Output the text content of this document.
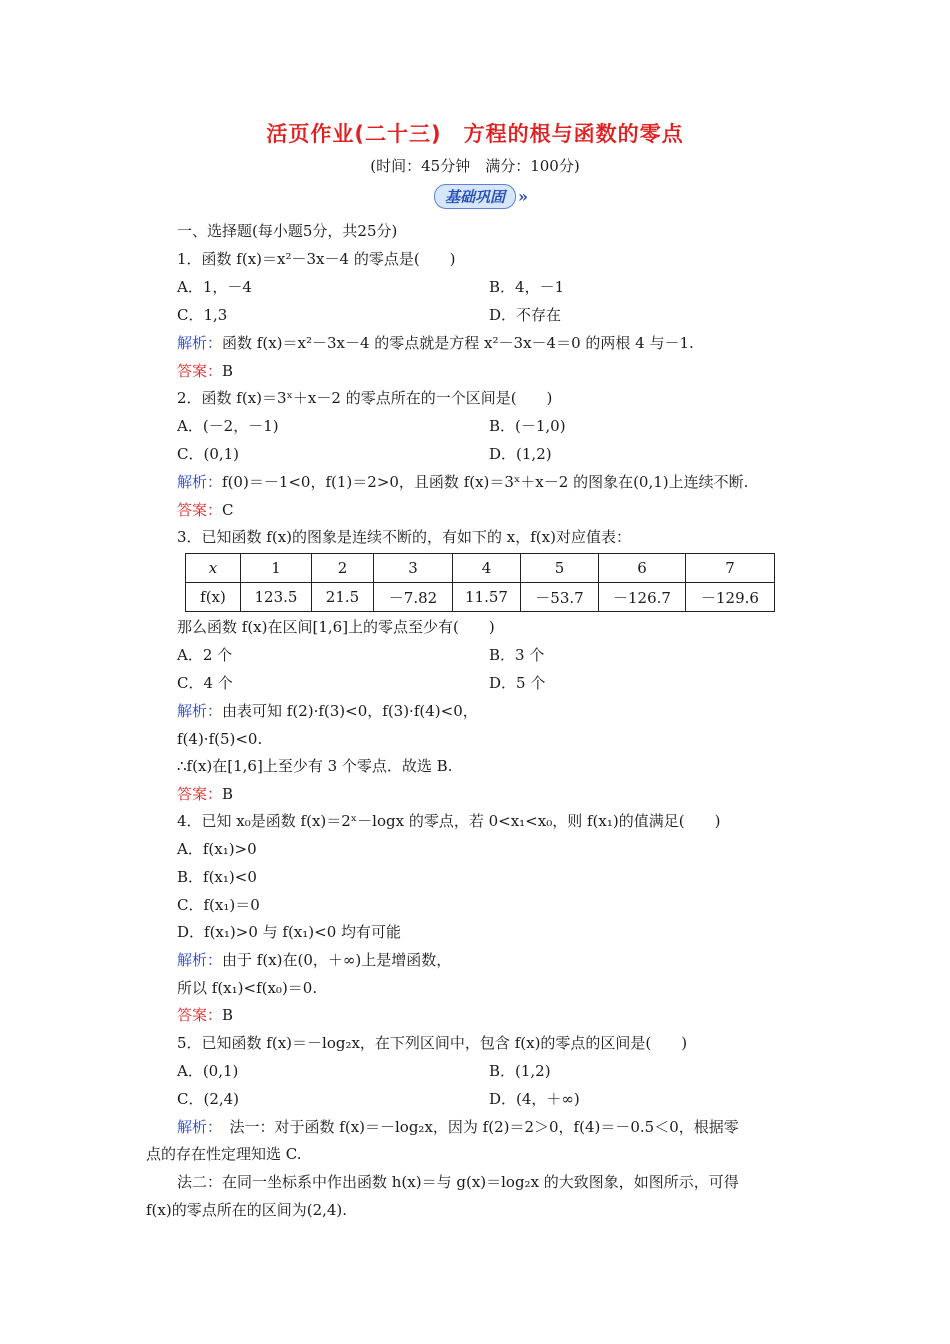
活页作业(二十三)　方程的根与函数的零点
(时间：45分钟　满分：100分)
基础巩固 »
一、选择题(每小题5分，共25分)
1．函数 f(x)＝x²－3x－4 的零点是(　　)
A．1，－4	B．4，－1
C．1,3	D．不存在
解析：函数 f(x)＝x²－3x－4 的零点就是方程 x²－3x－4＝0 的两根 4 与－1.
答案：B
2．函数 f(x)＝3ˣ＋x－2 的零点所在的一个区间是(　　)
A．(－2，－1)	B．(－1,0)
C．(0,1)	D．(1,2)
解析：f(0)＝－1<0，f(1)＝2>0，且函数 f(x)＝3ˣ＋x－2 的图象在(0,1)上连续不断.
答案：C
3．已知函数 f(x)的图象是连续不断的，有如下的 x，f(x)对应值表：
x	1	2	3	4	5	6	7
f(x)	123.5	21.5	－7.82	11.57	－53.7	－126.7	－129.6
那么函数 f(x)在区间[1,6]上的零点至少有(　　)
A．2 个	B．3 个
C．4 个	D．5 个
解析：由表可知 f(2)·f(3)<0，f(3)·f(4)<0，
f(4)·f(5)<0.
∴f(x)在[1,6]上至少有 3 个零点．故选 B.
答案：B
4．已知 x₀是函数 f(x)＝2ˣ－logx 的零点，若 0<x₁<x₀，则 f(x₁)的值满足(　　)
A．f(x₁)>0
B．f(x₁)<0
C．f(x₁)＝0
D．f(x₁)>0 与 f(x₁)<0 均有可能
解析：由于 f(x)在(0，＋∞)上是增函数，
所以 f(x₁)<f(x₀)＝0.
答案：B
5．已知函数 f(x)＝－log₂x，在下列区间中，包含 f(x)的零点的区间是(　　)
A．(0,1)	B．(1,2)
C．(2,4)	D．(4，＋∞)
解析：　法一：对于函数 f(x)＝－log₂x，因为 f(2)＝2＞0，f(4)＝－0.5＜0，根据零
点的存在性定理知选 C.
法二：在同一坐标系中作出函数 h(x)＝与 g(x)＝log₂x 的大致图象，如图所示，可得
f(x)的零点所在的区间为(2,4).
